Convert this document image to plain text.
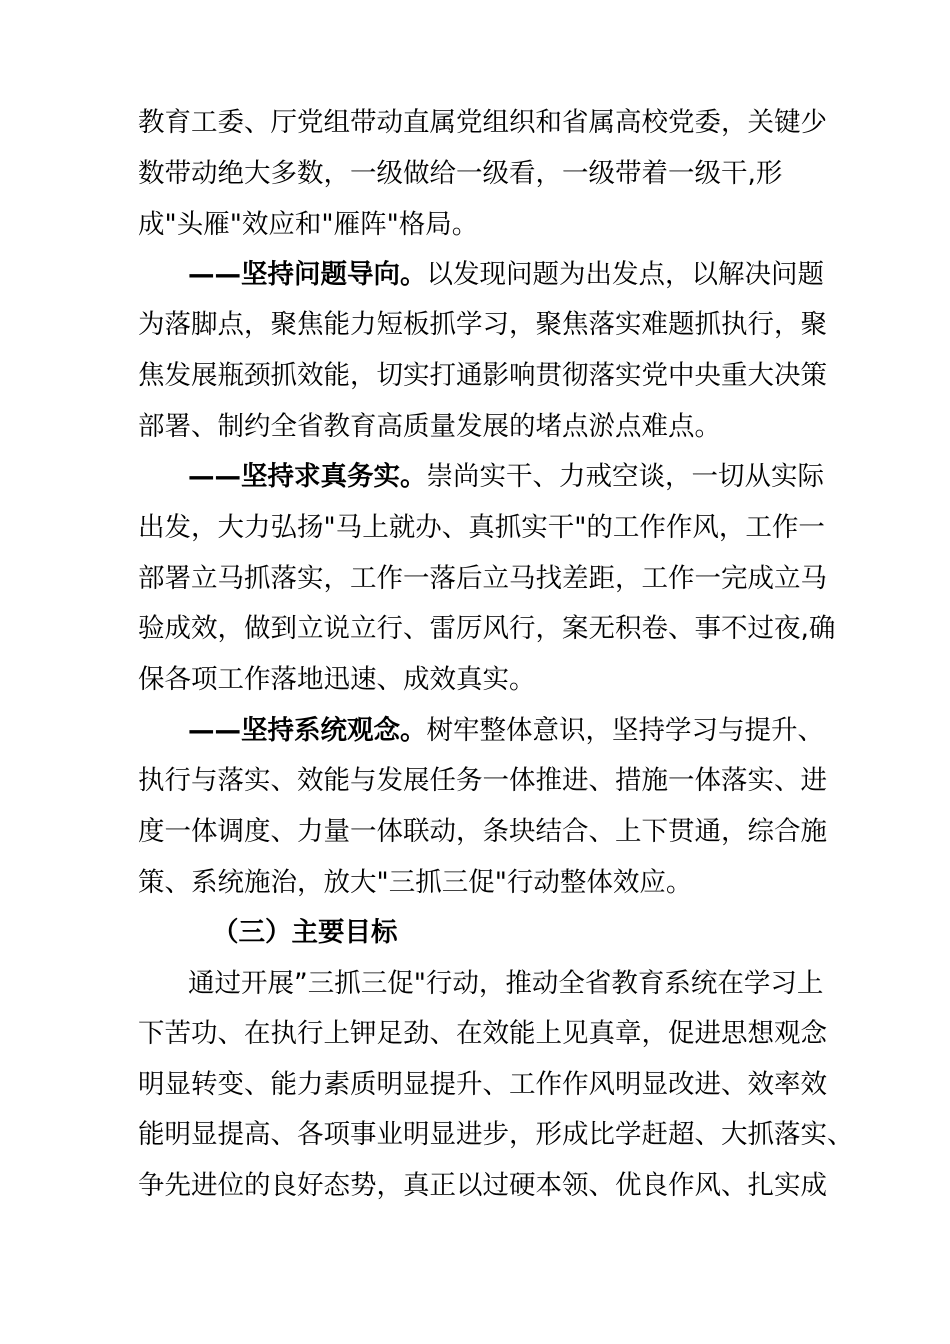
教育工委、厅党组带动直属党组织和省属高校党委，关键少
数带动绝大多数，一级做给一级看，一级带着一级干,形
成"头雁"效应和"雁阵"格局。
——坚持问题导向。以发现问题为出发点，以解决问题
为落脚点，聚焦能力短板抓学习，聚焦落实难题抓执行，聚
焦发展瓶颈抓效能，切实打通影响贯彻落实党中央重大决策
部署、制约全省教育高质量发展的堵点淤点难点。
——坚持求真务实。崇尚实干、力戒空谈，一切从实际
出发，大力弘扬"马上就办、真抓实干"的工作作风，工作一
部署立马抓落实，工作一落后立马找差距，工作一完成立马
验成效，做到立说立行、雷厉风行，案无积卷、事不过夜,确
保各项工作落地迅速、成效真实。
——坚持系统观念。树牢整体意识，坚持学习与提升、
执行与落实、效能与发展任务一体推进、措施一体落实、进
度一体调度、力量一体联动，条块结合、上下贯通，综合施
策、系统施治，放大"三抓三促"行动整体效应。
（三）主要目标
通过开展”三抓三促"行动，推动全省教育系统在学习上
下苦功、在执行上钾足劲、在效能上见真章，促进思想观念
明显转变、能力素质明显提升、工作作风明显改进、效率效
能明显提高、各项事业明显进步，形成比学赶超、大抓落实、
争先进位的良好态势，真正以过硬本领、优良作风、扎实成
